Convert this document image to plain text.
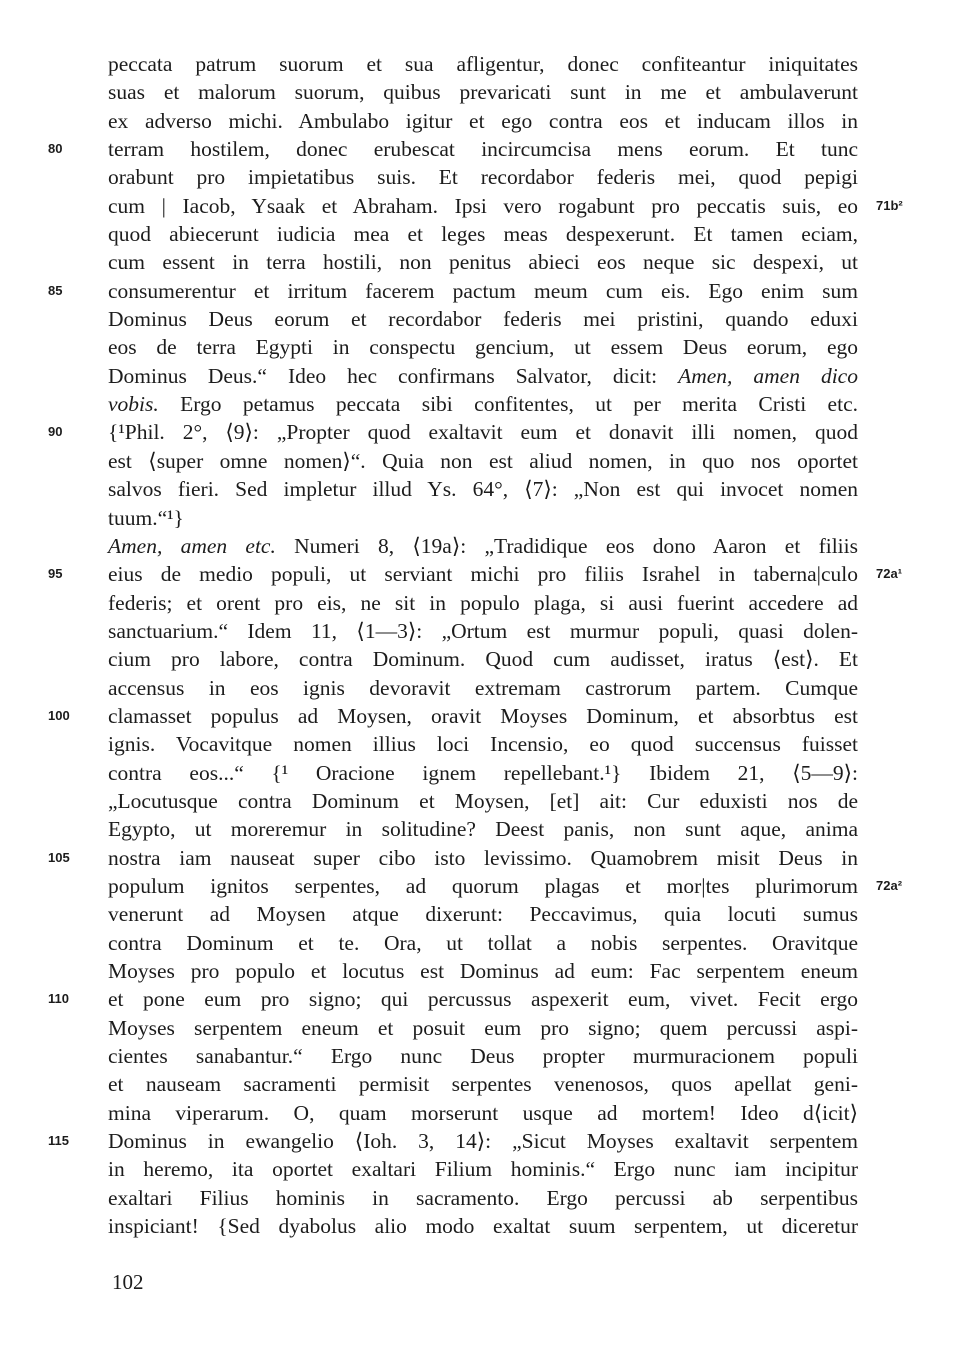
peccata patrum suorum et sua afligentur, donec confiteantur iniquitates
suas et malorum suorum, quibus prevaricati sunt in me et ambulaverunt
ex adverso michi. Ambulabo igitur et ego contra eos et inducam illos in
terram hostilem, donec erubescat incircumcisa mens eorum. Et tunc
80
orabunt pro impietatibus suis. Et recordabor federis mei, quod pepigi
cum | Iacob, Ysaak et Abraham. Ipsi vero rogabunt pro peccatis suis, eo 71b²
quod abiecerunt iudicia mea et leges meas despexerunt. Et tamen eciam,
cum essent in terra hostili, non penitus abieci eos neque sic despexi, ut
consumerentur et irritum facerem pactum meum cum eis. Ego enim sum
85
Dominus Deus eorum et recordabor federis mei pristini, quando eduxi
eos de terra Egypti in conspectu gencium, ut essem Deus eorum, ego
Dominus Deus.“ Ideo hec confirmans Salvator, dicit: Amen, amen dico
vobis. Ergo petamus peccata sibi confitentes, ut per merita Cristi etc.
{¹Phil. 2°, ⟨9⟩: „Propter quod exaltavit eum et donavit illi nomen, quod
90
est ⟨super omne nomen⟩“. Quia non est aliud nomen, in quo nos oportet
salvos fieri. Sed impletur illud Ys. 64°, ⟨7⟩: „Non est qui invocet nomen
tuum.“¹}
Amen, amen etc. Numeri 8, ⟨19a⟩: „Tradidique eos dono Aaron et filiis
eius de medio populi, ut serviant michi pro filiis Israhel in taberna|culo
95	72a¹
federis; et orent pro eis, ne sit in populo plaga, si ausi fuerint accedere ad
sanctuarium.“ Idem 11, ⟨1—3⟩: „Ortum est murmur populi, quasi dolen-
cium pro labore, contra Dominum. Quod cum audisset, iratus ⟨est⟩. Et
accensus in eos ignis devoravit extremam castrorum partem. Cumque
clamasset populus ad Moysen, oravit Moyses Dominum, et absorbtus est
100
ignis. Vocavitque nomen illius loci Incensio, eo quod succensus fuisset
contra eos...“ {¹ Oracione ignem repellebant.¹} Ibidem 21, ⟨5—9⟩:
„Locutusque contra Dominum et Moysen, [et] ait: Cur eduxisti nos de
Egypto, ut moreremur in solitudine? Deest panis, non sunt aque, anima
nostra iam nauseat super cibo isto levissimo. Quamobrem misit Deus in
105
populum ignitos serpentes, ad quorum plagas et mor|tes plurimorum 72a²
venerunt ad Moysen atque dixerunt: Peccavimus, quia locuti sumus
contra Dominum et te. Ora, ut tollat a nobis serpentes. Oravitque
Moyses pro populo et locutus est Dominus ad eum: Fac serpentem eneum
et pone eum pro signo; qui percussus aspexerit eum, vivet. Fecit ergo
110
Moyses serpentem eneum et posuit eum pro signo; quem percussi aspi-
cientes sanabantur.“ Ergo nunc Deus propter murmuracionem populi
et nauseam sacramenti permisit serpentes venenosos, quos apellat geni-
mina viperarum. O, quam morserunt usque ad mortem! Ideo d⟨icit⟩
Dominus in ewangelio ⟨Ioh. 3, 14⟩: „Sicut Moyses exaltavit serpentem
115
in heremo, ita oportet exaltari Filium hominis.“ Ergo nunc iam incipitur
exaltari Filius hominis in sacramento. Ergo percussi ab serpentibus
inspiciant! {Sed dyabolus alio modo exaltat suum serpentem, ut diceretur
102
